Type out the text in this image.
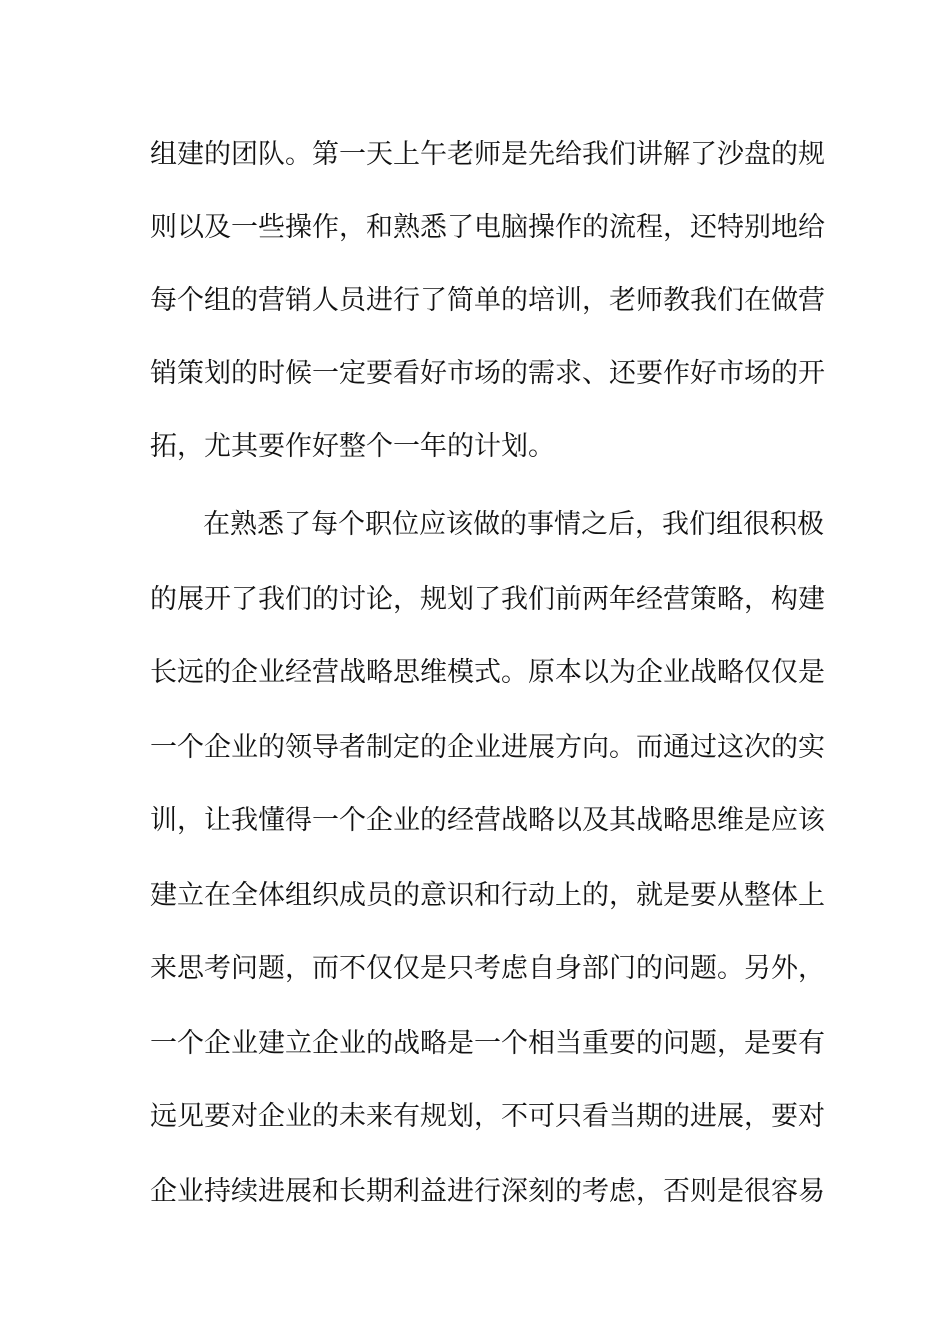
组建的团队。第一天上午老师是先给我们讲解了沙盘的规
则以及一些操作，和熟悉了电脑操作的流程，还特别地给
每个组的营销人员进行了简单的培训，老师教我们在做营
销策划的时候一定要看好市场的需求、还要作好市场的开
拓，尤其要作好整个一年的计划。
在熟悉了每个职位应该做的事情之后，我们组很积极
的展开了我们的讨论，规划了我们前两年经营策略，构建
长远的企业经营战略思维模式。原本以为企业战略仅仅是
一个企业的领导者制定的企业进展方向。而通过这次的实
训，让我懂得一个企业的经营战略以及其战略思维是应该
建立在全体组织成员的意识和行动上的，就是要从整体上
来思考问题，而不仅仅是只考虑自身部门的问题。另外，
一个企业建立企业的战略是一个相当重要的问题，是要有
远见要对企业的未来有规划，不可只看当期的进展，要对
企业持续进展和长期利益进行深刻的考虑，否则是很容易
